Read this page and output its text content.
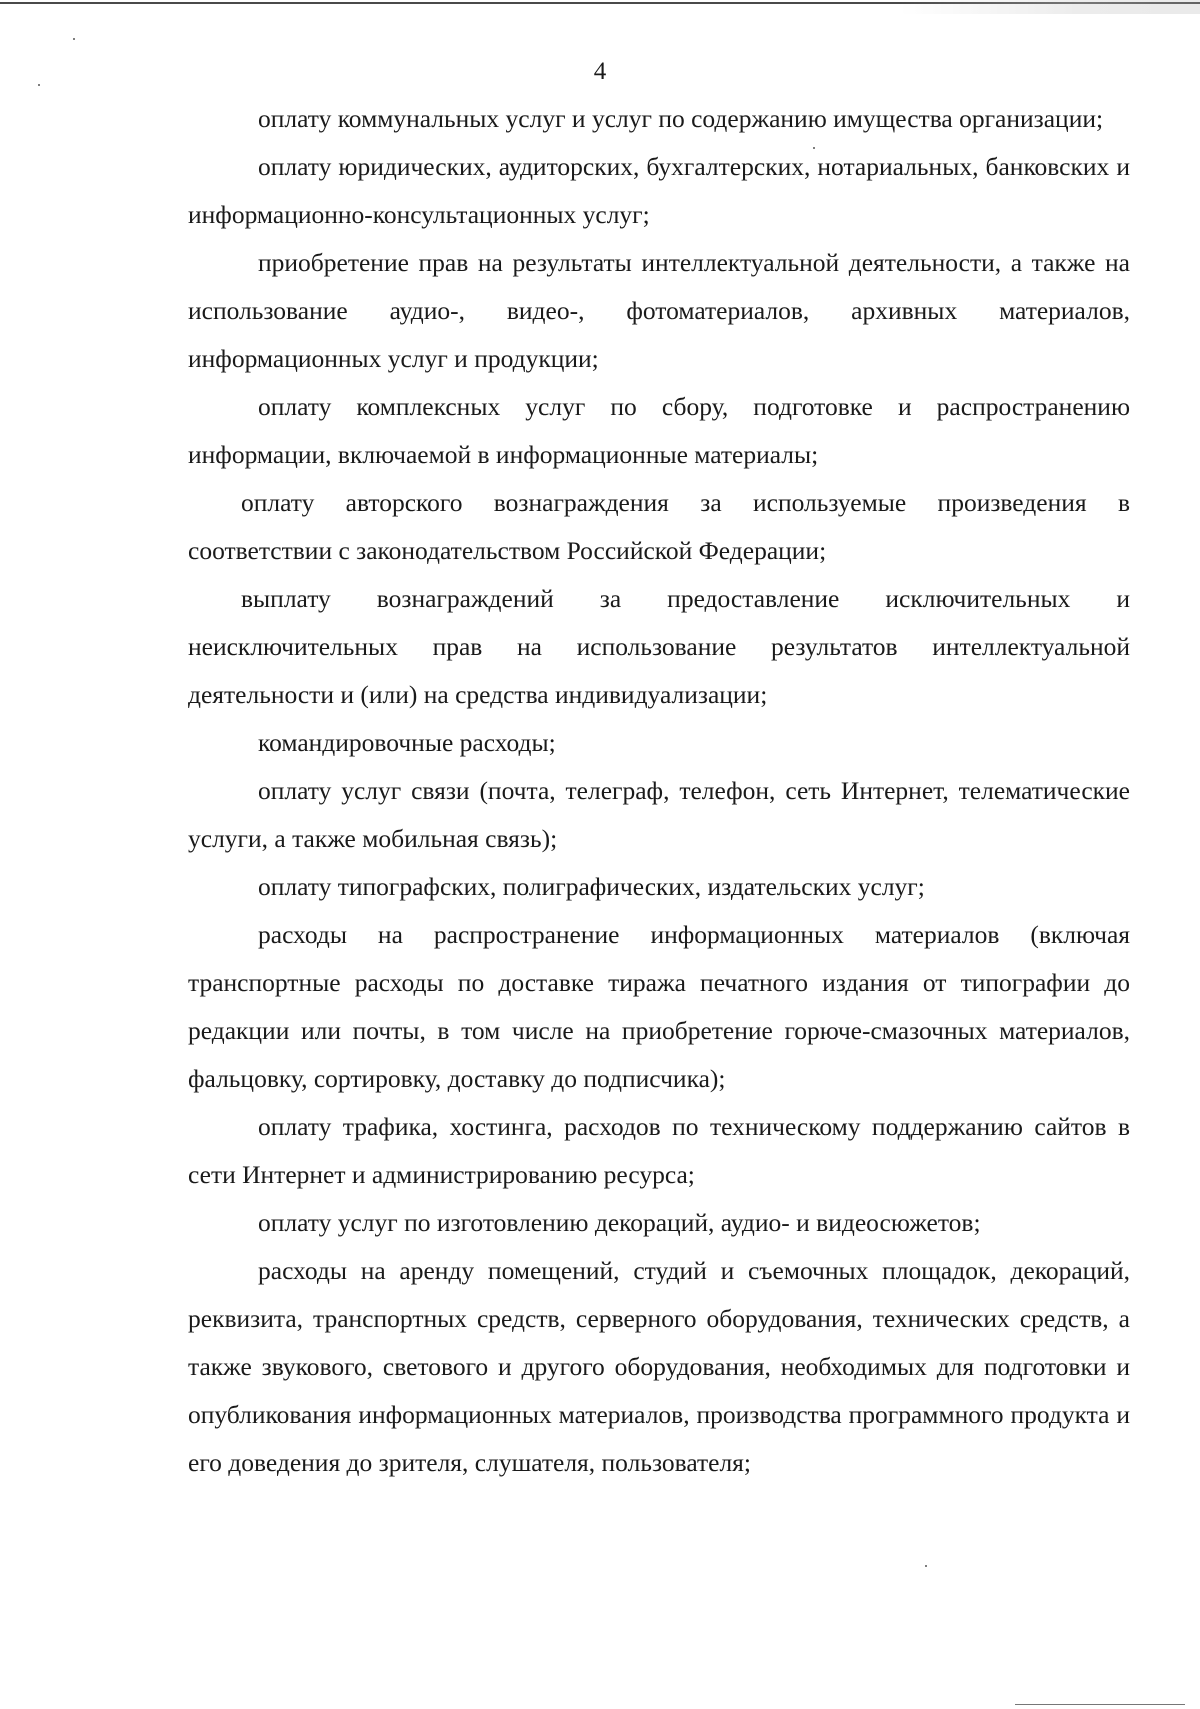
4

оплату коммунальных услуг и услуг по содержанию имущества организации;

оплату юридических, аудиторских, бухгалтерских, нотариальных, банковских и информационно-консультационных услуг;

приобретение прав на результаты интеллектуальной деятельности, а также на использование аудио-, видео-, фотоматериалов, архивных материалов, информационных услуг и продукции;

оплату комплексных услуг по сбору, подготовке и распространению информации, включаемой в информационные материалы;

оплату авторского вознаграждения за используемые произведения в соответствии с законодательством Российской Федерации;

выплату вознаграждений за предоставление исключительных и неисключительных прав на использование результатов интеллектуальной деятельности и (или) на средства индивидуализации;

командировочные расходы;

оплату услуг связи (почта, телеграф, телефон, сеть Интернет, телематические услуги, а также мобильная связь);

оплату типографских, полиграфических, издательских услуг;

расходы на распространение информационных материалов (включая транспортные расходы по доставке тиража печатного издания от типографии до редакции или почты, в том числе на приобретение горюче-смазочных материалов, фальцовку, сортировку, доставку до подписчика);

оплату трафика, хостинга, расходов по техническому поддержанию сайтов в сети Интернет и администрированию ресурса;

оплату услуг по изготовлению декораций, аудио- и видеосюжетов;

расходы на аренду помещений, студий и съемочных площадок, декораций, реквизита, транспортных средств, серверного оборудования, технических средств, а также звукового, светового и другого оборудования, необходимых для подготовки и опубликования информационных материалов, производства программного продукта и его доведения до зрителя, слушателя, пользователя;
